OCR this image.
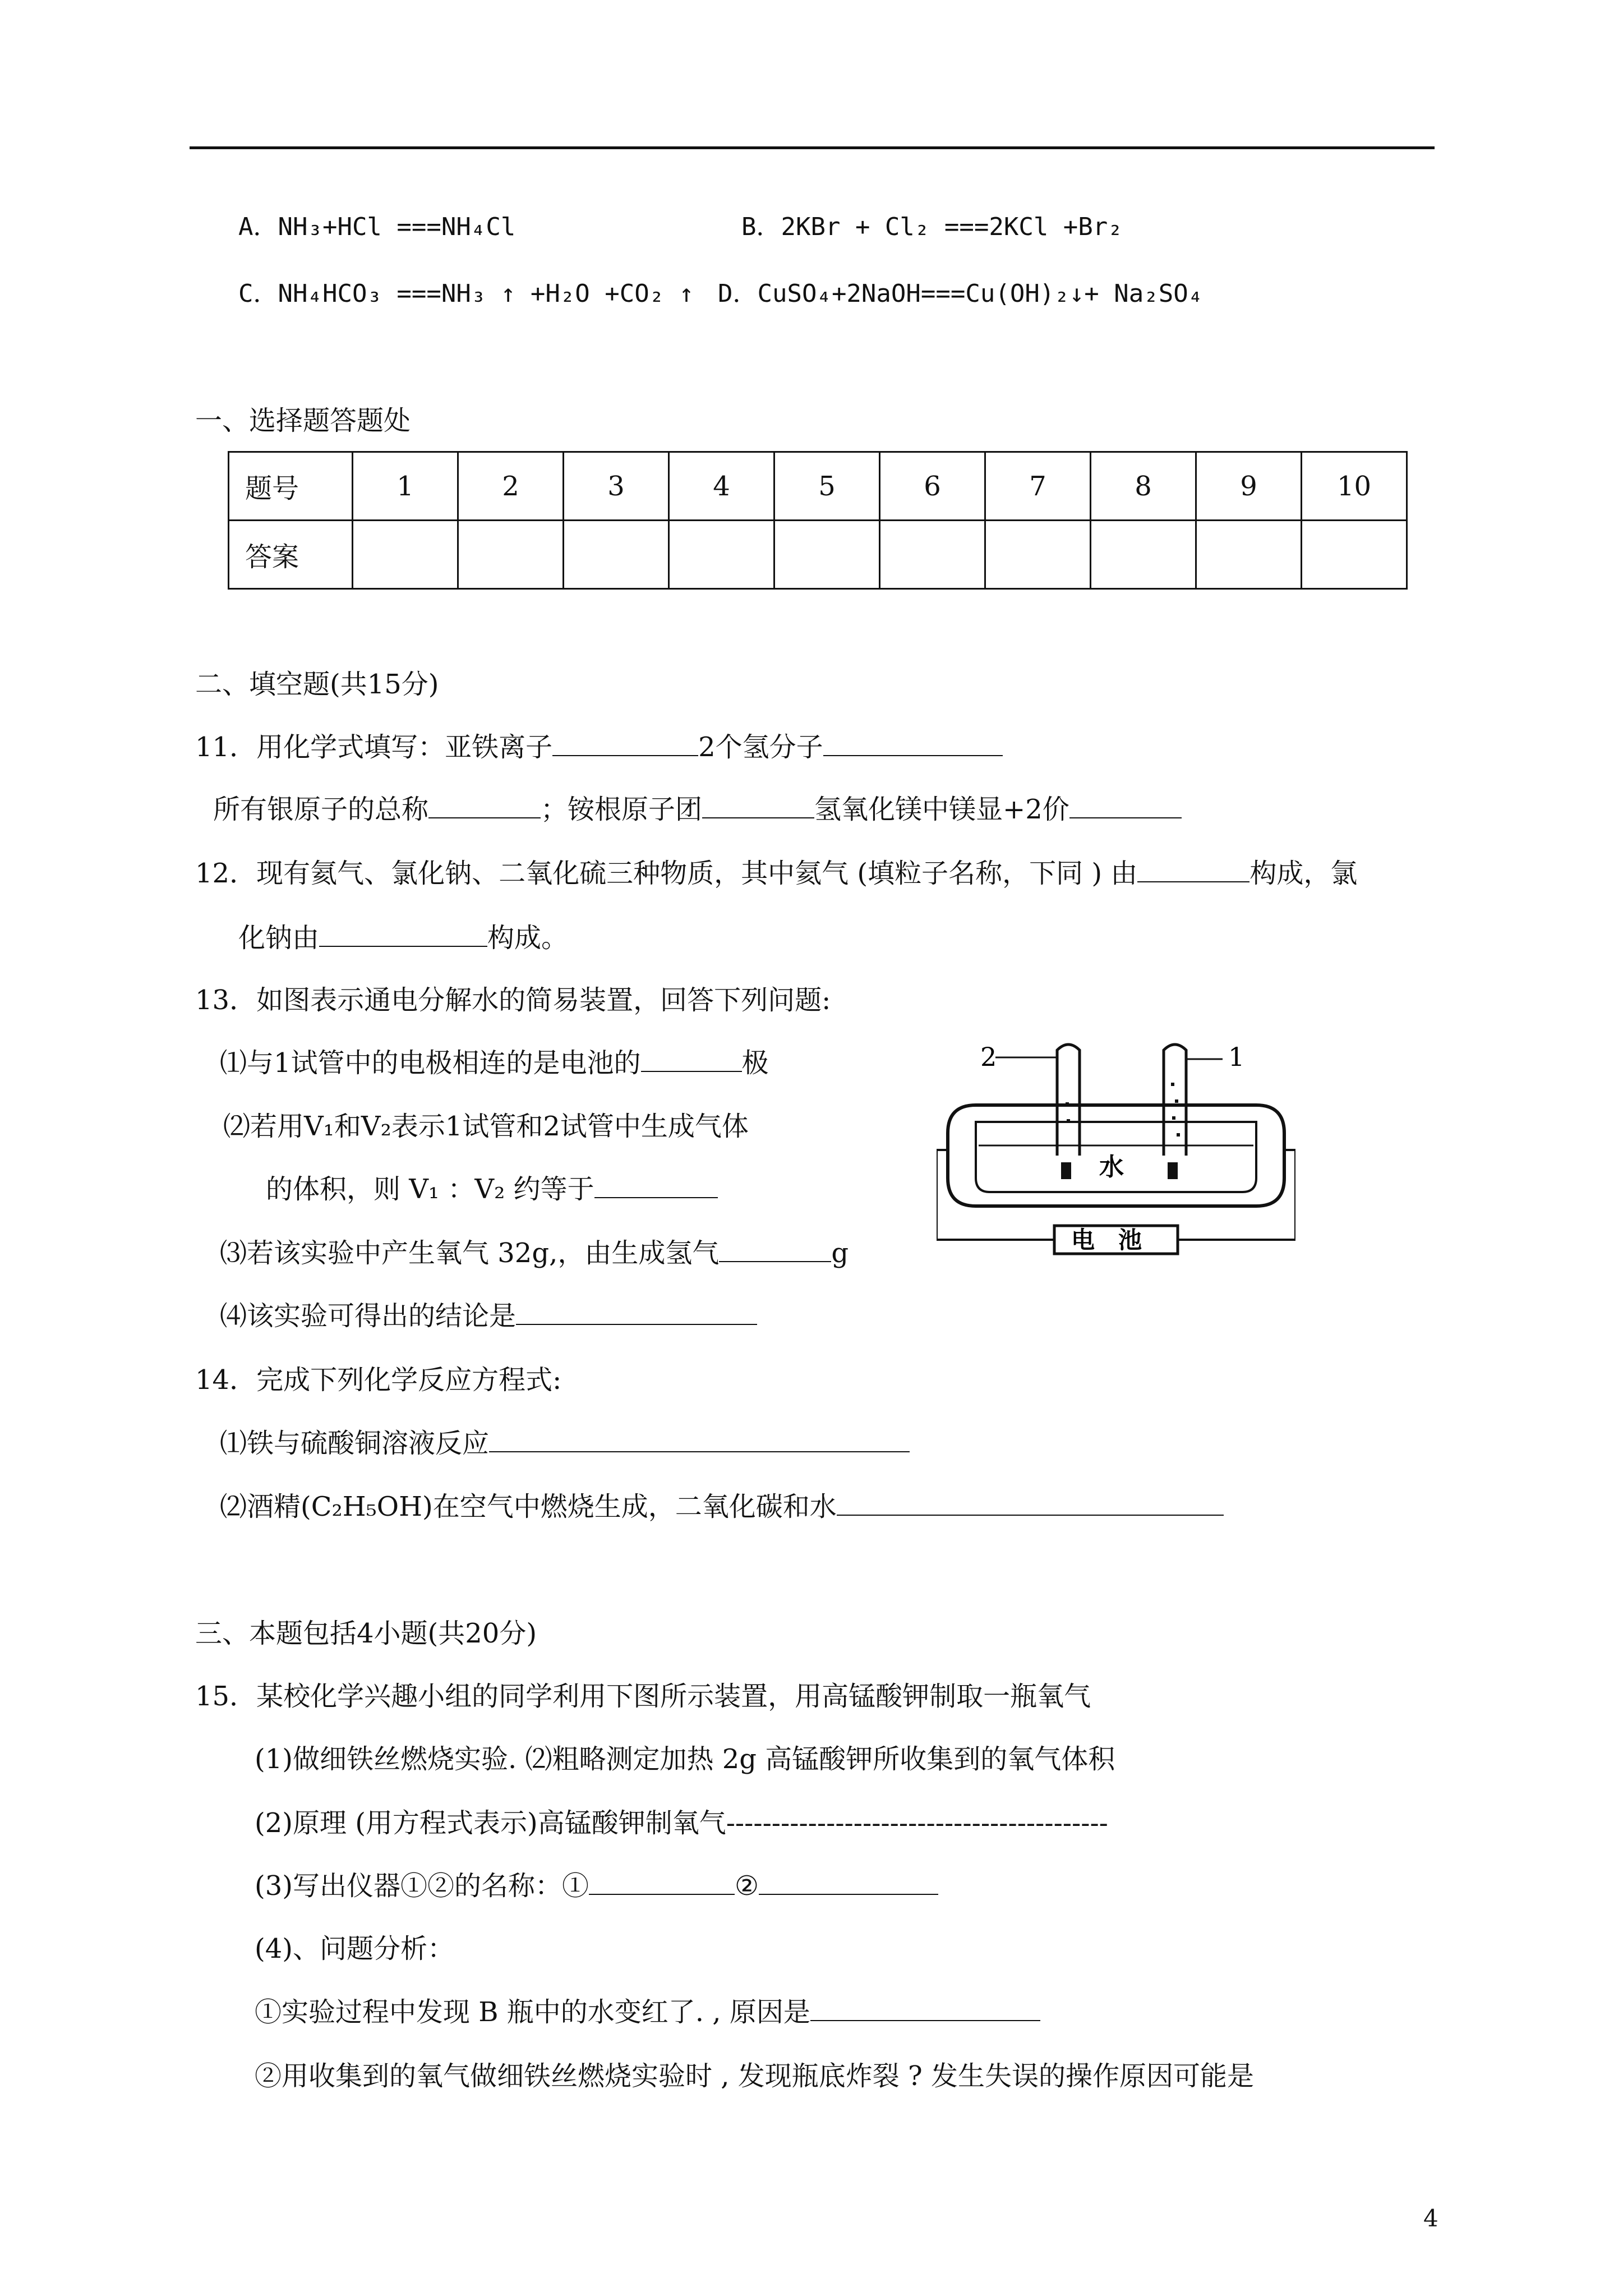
A．NH₃+HCl ===NH₄Cl	B．2KBr + Cl₂ ===2KCl +Br₂
C．NH₄HCO₃ ===NH₃ ↑ +H₂O +CO₂ ↑ D．CuSO₄+2NaOH===Cu(OH)₂↓+ Na₂SO₄
一、选择题答题处
题号	1	2	3	4	5	6	7	8	9	10
答案										
二、填空题(共15分)
11．用化学式填写：亚铁离子	2个氢分子
所有银原子的总称	；铵根原子团	氢氧化镁中镁显+2价
12．现有氦气、氯化钠、二氧化硫三种物质，其中氦气 (填粒子名称，下同 ) 由	构成，氯
化钠由	构成。
13．如图表示通电分解水的简易装置，回答下列问题:
⑴与1试管中的电极相连的是电池的	极
⑵若用V₁和V₂表示1试管和2试管中生成气体
的体积，则 V₁ ：V₂ 约等于
⑶若该实验中产生氧气 32g,，由生成氢气	g
⑷该实验可得出的结论是
2	1
水
电　池
14．完成下列化学反应方程式:
⑴铁与硫酸铜溶液反应
⑵酒精(C₂H₅OH)在空气中燃烧生成，二氧化碳和水
三、本题包括4小题(共20分)
15．某校化学兴趣小组的同学利用下图所示装置，用高锰酸钾制取一瓶氧气
(1)做细铁丝燃烧实验. ⑵粗略测定加热 2g 高锰酸钾所收集到的氧气体积
(2)原理 (用方程式表示)高锰酸钾制氧气------------------------------------------
(3)写出仪器①②的名称：①	②
(4)、问题分析：
①实验过程中发现 B 瓶中的水变红了. , 原因是
②用收集到的氧气做细铁丝燃烧实验时 , 发现瓶底炸裂 ? 发生失误的操作原因可能是
4
